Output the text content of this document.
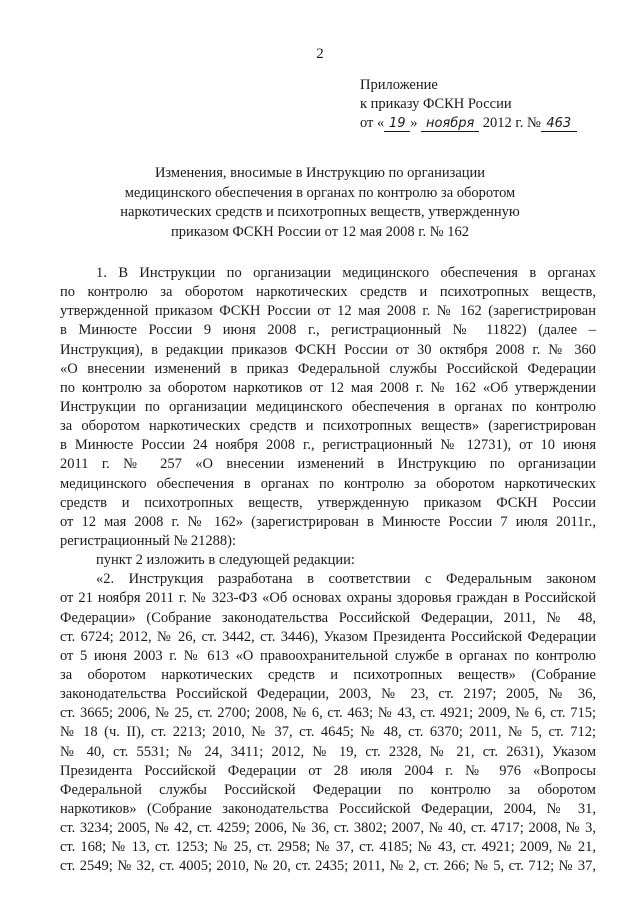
2
Приложение
к приказу ФСКН России
от « 19 » ноября 2012 г. № 463
Изменения, вносимые в Инструкцию по организации
медицинского обеспечения в органах по контролю за оборотом
наркотических средств и психотропных веществ, утвержденную
приказом ФСКН России от 12 мая 2008 г. № 162
1. В Инструкции по организации медицинского обеспечения в органах
по контролю за оборотом наркотических средств и психотропных веществ,
утвержденной приказом ФСКН России от 12 мая 2008 г. № 162 (зарегистрирован
в Минюсте России 9 июня 2008 г., регистрационный № 11822) (далее –
Инструкция), в редакции приказов ФСКН России от 30 октября 2008 г. № 360
«О внесении изменений в приказ Федеральной службы Российской Федерации
по контролю за оборотом наркотиков от 12 мая 2008 г. № 162 «Об утверждении
Инструкции по организации медицинского обеспечения в органах по контролю
за оборотом наркотических средств и психотропных веществ» (зарегистрирован
в Минюсте России 24 ноября 2008 г., регистрационный № 12731), от 10 июня
2011 г. № 257 «О внесении изменений в Инструкцию по организации
медицинского обеспечения в органах по контролю за оборотом наркотических
средств и психотропных веществ, утвержденную приказом ФСКН России
от 12 мая 2008 г. № 162» (зарегистрирован в Минюсте России 7 июля 2011г.,
регистрационный № 21288):
пункт 2 изложить в следующей редакции:
«2. Инструкция разработана в соответствии с Федеральным законом
от 21 ноября 2011 г. № 323-ФЗ «Об основах охраны здоровья граждан в Российской
Федерации» (Собрание законодательства Российской Федерации, 2011, № 48,
ст. 6724; 2012, № 26, ст. 3442, ст. 3446), Указом Президента Российской Федерации
от 5 июня 2003 г. № 613 «О правоохранительной службе в органах по контролю
за оборотом наркотических средств и психотропных веществ» (Собрание
законодательства Российской Федерации, 2003, № 23, ст. 2197; 2005, № 36,
ст. 3665; 2006, № 25, ст. 2700; 2008, № 6, ст. 463; № 43, ст. 4921; 2009, № 6, ст. 715;
№ 18 (ч. II), ст. 2213; 2010, № 37, ст. 4645; № 48, ст. 6370; 2011, № 5, ст. 712;
№ 40, ст. 5531; № 24, 3411; 2012, № 19, ст. 2328, № 21, ст. 2631), Указом
Президента Российской Федерации от 28 июля 2004 г. № 976 «Вопросы
Федеральной службы Российской Федерации по контролю за оборотом
наркотиков» (Собрание законодательства Российской Федерации, 2004, № 31,
ст. 3234; 2005, № 42, ст. 4259; 2006, № 36, ст. 3802; 2007, № 40, ст. 4717; 2008, № 3,
ст. 168; № 13, ст. 1253; № 25, ст. 2958; № 37, ст. 4185; № 43, ст. 4921; 2009, № 21,
ст. 2549; № 32, ст. 4005; 2010, № 20, ст. 2435; 2011, № 2, ст. 266; № 5, ст. 712; № 37,
